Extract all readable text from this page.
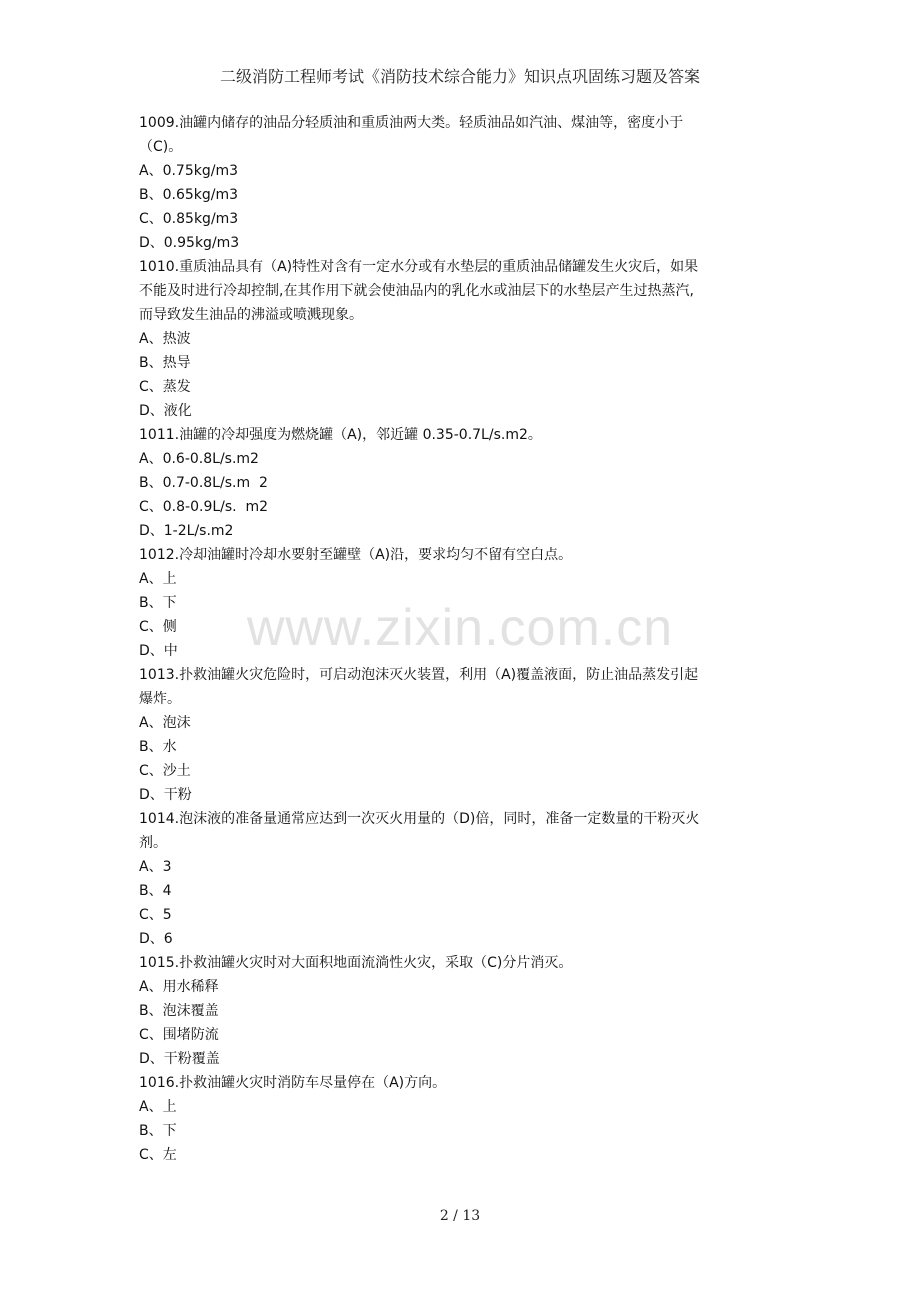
二级消防工程师考试《消防技术综合能力》知识点巩固练习题及答案
1009.油罐内储存的油品分轻质油和重质油两大类。轻质油品如汽油、煤油等，密度小于
（C)。
A、0.75kg/m3
B、0.65kg/m3
C、0.85kg/m3
D、0.95kg/m3
1010.重质油品具有（A)特性对含有一定水分或有水垫层的重质油品储罐发生火灾后，如果
不能及时进行冷却控制,在其作用下就会使油品内的乳化水或油层下的水垫层产生过热蒸汽,
而导致发生油品的沸溢或喷溅现象。
A、热波
B、热导
C、蒸发
D、液化
1011.油罐的冷却强度为燃烧罐（A)，邻近罐 0.35-0.7L/s.m2。
A、0.6-0.8L/s.m2
B、0.7-0.8L/s.m  2
C、0.8-0.9L/s.  m2
D、1-2L/s.m2
1012.冷却油罐时冷却水要射至罐壁（A)沿，要求均匀不留有空白点。
A、上
B、下
C、侧
D、中
1013.扑救油罐火灾危险时，可启动泡沫灭火装置，利用（A)覆盖液面，防止油品蒸发引起
爆炸。
A、泡沫
B、水
C、沙土
D、干粉
1014.泡沫液的准备量通常应达到一次灭火用量的（D)倍，同时，准备一定数量的干粉灭火
剂。
A、3
B、4
C、5
D、6
1015.扑救油罐火灾时对大面积地面流淌性火灾，采取（C)分片消灭。
A、用水稀释
B、泡沫覆盖
C、围堵防流
D、干粉覆盖
1016.扑救油罐火灾时消防车尽量停在（A)方向。
A、上
B、下
C、左
www.zixin.com.cn
2 / 13
